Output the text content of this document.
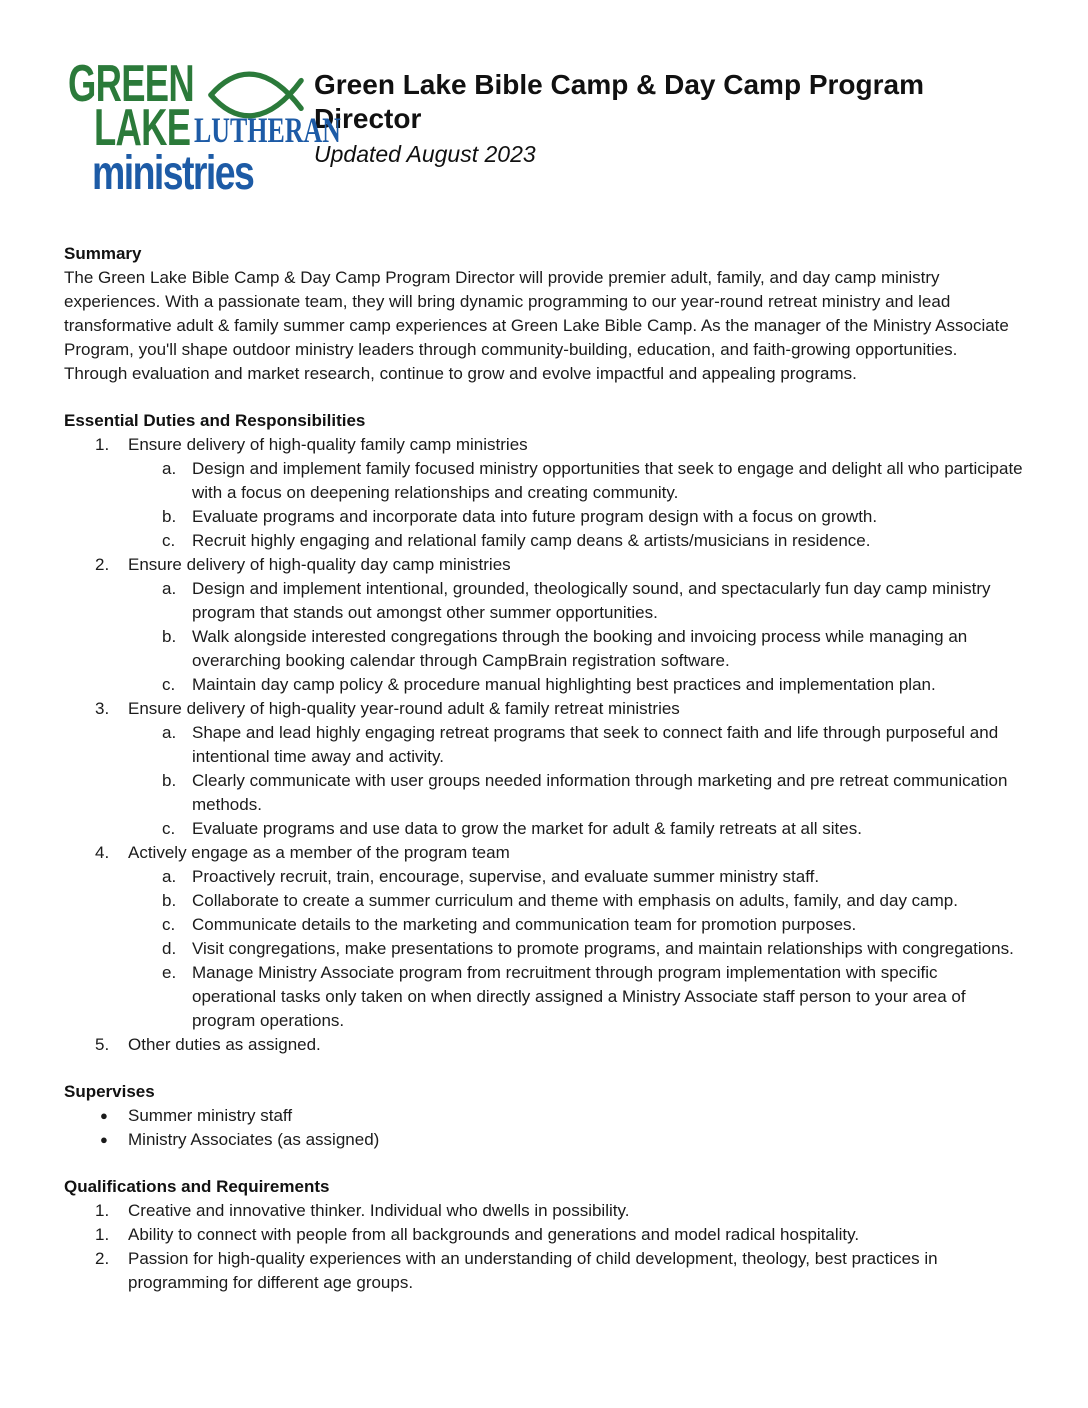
GREEN
LAKE LUTHERAN
ministries
Green Lake Bible Camp & Day Camp Program Director
Updated August 2023
Summary

The Green Lake Bible Camp & Day Camp Program Director will provide premier adult, family, and day camp ministry experiences. With a passionate team, they will bring dynamic programming to our year-round retreat ministry and lead transformative adult & family summer camp experiences at Green Lake Bible Camp. As the manager of the Ministry Associate Program, you'll shape outdoor ministry leaders through community-building, education, and faith-growing opportunities. Through evaluation and market research, continue to grow and evolve impactful and appealing programs.

Essential Duties and Responsibilities
1.	Ensure delivery of high-quality family camp ministries
a. Design and implement family focused ministry opportunities that seek to engage and delight all who participate with a focus on deepening relationships and creating community.
b. Evaluate programs and incorporate data into future program design with a focus on growth.
c. Recruit highly engaging and relational family camp deans & artists/musicians in residence.
2.	Ensure delivery of high-quality day camp ministries
a. Design and implement intentional, grounded, theologically sound, and spectacularly fun day camp ministry program that stands out amongst other summer opportunities.
b. Walk alongside interested congregations through the booking and invoicing process while managing an overarching booking calendar through CampBrain registration software.
c. Maintain day camp policy & procedure manual highlighting best practices and implementation plan.
3.	Ensure delivery of high-quality year-round adult & family retreat ministries
a. Shape and lead highly engaging retreat programs that seek to connect faith and life through purposeful and intentional time away and activity.
b. Clearly communicate with user groups needed information through marketing and pre retreat communication methods.
c. Evaluate programs and use data to grow the market for adult & family retreats at all sites.
4.	Actively engage as a member of the program team
a. Proactively recruit, train, encourage, supervise, and evaluate summer ministry staff.
b. Collaborate to create a summer curriculum and theme with emphasis on adults, family, and day camp.
c. Communicate details to the marketing and communication team for promotion purposes.
d. Visit congregations, make presentations to promote programs, and maintain relationships with congregations.
e. Manage Ministry Associate program from recruitment through program implementation with specific operational tasks only taken on when directly assigned a Ministry Associate staff person to your area of program operations.
5.	Other duties as assigned.
Supervises
●	Summer ministry staff
●	Ministry Associates (as assigned)
Qualifications and Requirements
1.	Creative and innovative thinker. Individual who dwells in possibility.
1.	Ability to connect with people from all backgrounds and generations and model radical hospitality.
2.	Passion for high-quality experiences with an understanding of child development, theology, best practices in programming for different age groups.
